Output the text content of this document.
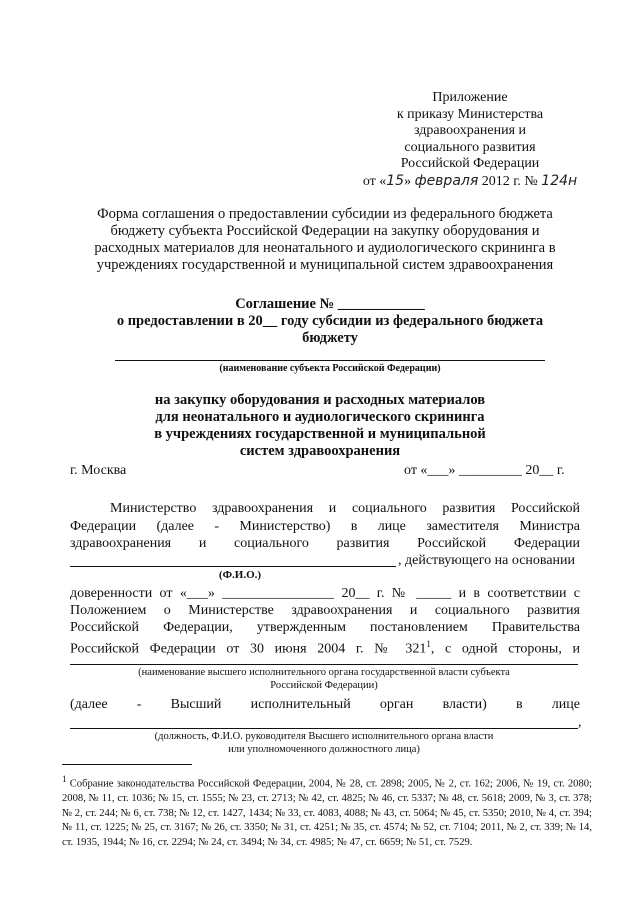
Приложение
к приказу Министерства
здравоохранения и
социального развития
Российской Федерации
от «15» февраля 2012 г. № 124н
Форма соглашения о предоставлении субсидии из федерального бюджета
бюджету субъекта Российской Федерации на закупку оборудования и
расходных материалов для неонатального и аудиологического скрининга в
учреждениях государственной и муниципальной систем здравоохранения
Соглашение № ____________
о предоставлении в 20__ году субсидии из федерального бюджета
бюджету
(наименование субъекта Российской Федерации)
на закупку оборудования и расходных материалов
для неонатального и аудиологического скрининга
в учреждениях государственной и муниципальной
систем здравоохранения
г. Москва	от «___» _________ 20__ г.
Министерство здравоохранения и социального развития Российской
Федерации (далее - Министерство) в лице заместителя Министра
здравоохранения и социального развития Российской Федерации
, действующего на основании
(Ф.И.О.)
доверенности от «___» ________________ 20__ г. № _____ и в соответствии с
Положением о Министерстве здравоохранения и социального развития
Российской Федерации, утвержденным постановлением Правительства
Российской Федерации от 30 июня 2004 г. № $321^1$, с одной стороны, и
(наименование высшего исполнительного органа государственной власти субъекта
Российской Федерации)
(далее - Высший исполнительный орган власти) в лице
,
(должность, Ф.И.О. руководителя Высшего исполнительного органа власти
или уполномоченного должностного лица)
$^1$ Собрание законодательства Российской Федерации, 2004, № 28, ст. 2898; 2005, № 2, ст. 162; 2006, № 19, ст. 2080; 2008, № 11, ст. 1036; № 15, ст. 1555; № 23, ст. 2713; № 42, ст. 4825; № 46, ст. 5337; № 48, ст. 5618; 2009, № 3, ст. 378; № 2, ст. 244; № 6, ст. 738; № 12, ст. 1427, 1434; № 33, ст. 4083, 4088; № 43, ст. 5064; № 45, ст. 5350; 2010, № 4, ст. 394; № 11, ст. 1225; № 25, ст. 3167; № 26, ст. 3350; № 31, ст. 4251; № 35, ст. 4574; № 52, ст. 7104; 2011, № 2, ст. 339; № 14, ст. 1935, 1944; № 16, ст. 2294; № 24, ст. 3494; № 34, ст. 4985; № 47, ст. 6659; № 51, ст. 7529.
